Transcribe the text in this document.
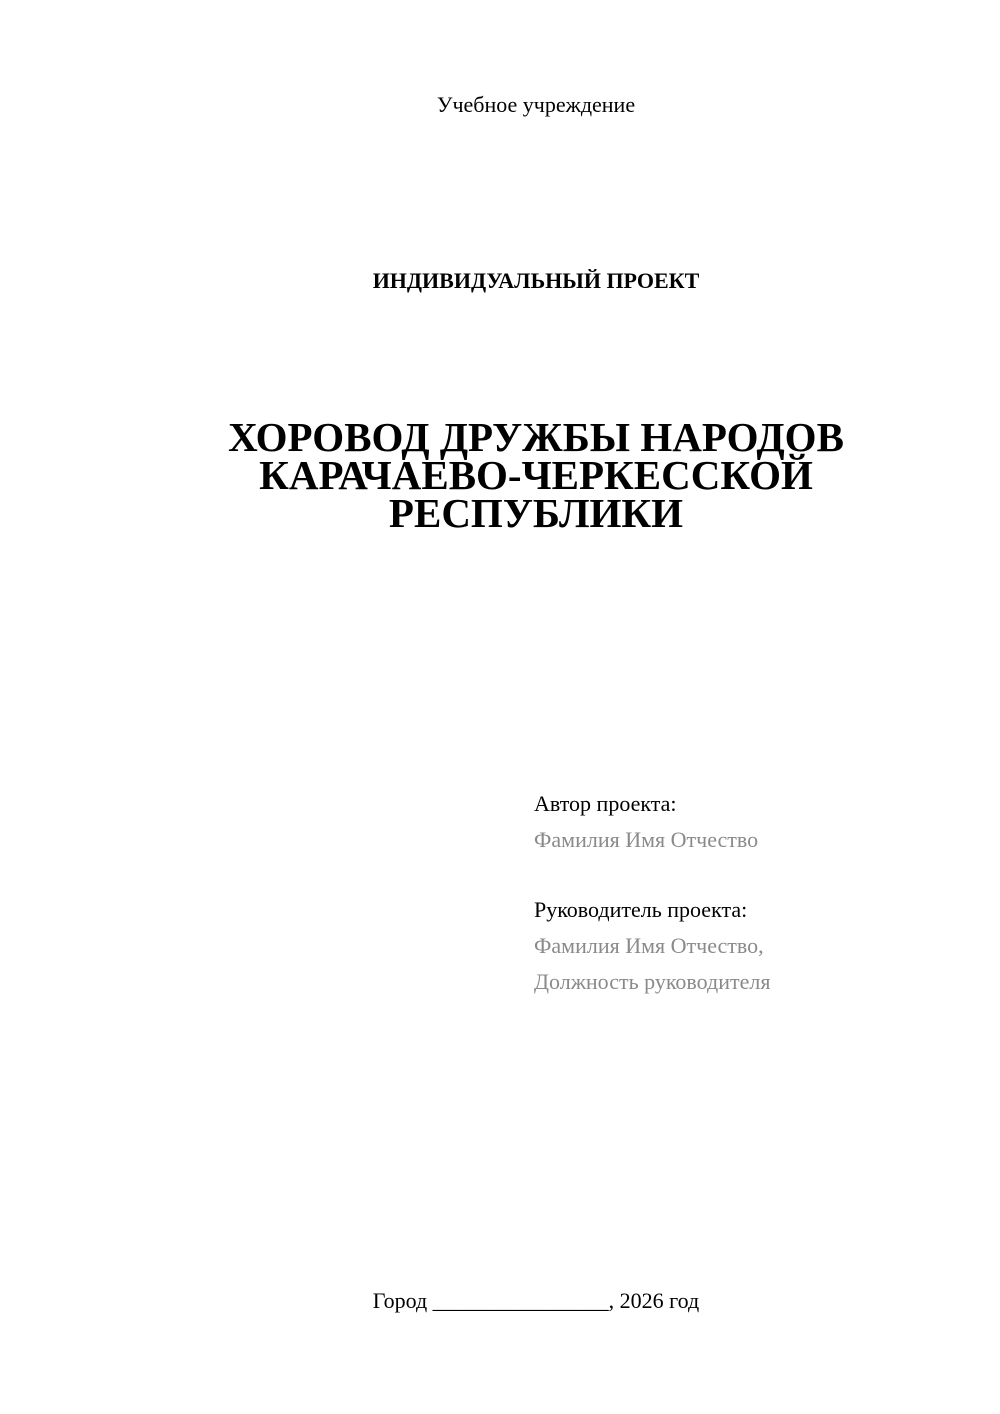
Учебное учреждение
ИНДИВИДУАЛЬНЫЙ ПРОЕКТ
ХОРОВОД ДРУЖБЫ НАРОДОВ
КАРАЧАЕВО-ЧЕРКЕССКОЙ
РЕСПУБЛИКИ
Автор проекта:
Фамилия Имя Отчество
Руководитель проекта:
Фамилия Имя Отчество,
Должность руководителя
Город ________________, 2026 год
